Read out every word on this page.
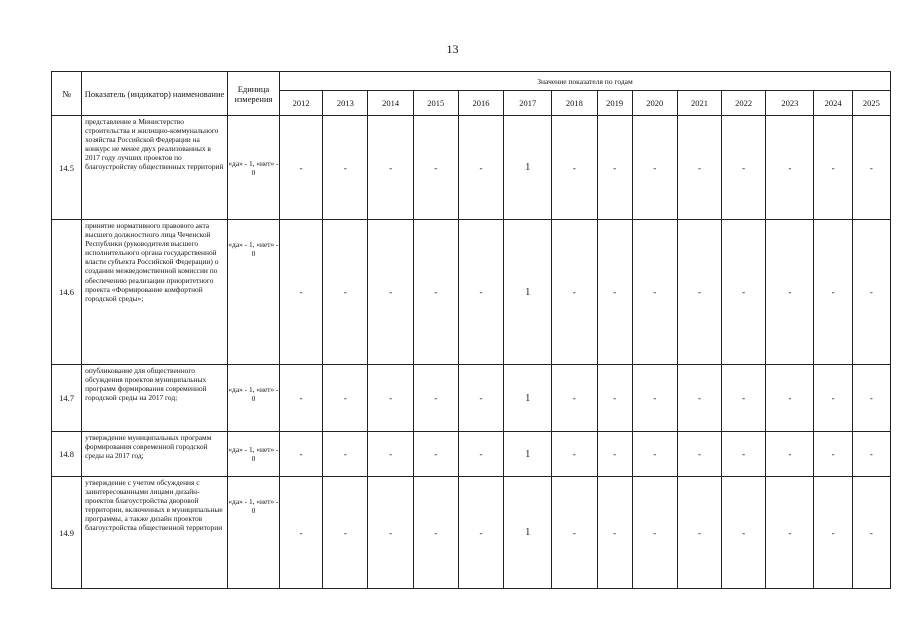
13
№	Показатель (индикатор) наименование	Единица измерения	Значение показателя по годам													
			2012	2013	2014	2015	2016	2017	2018	2019	2020	2021	2022	2023	2024	2025
14.5	представление в Министерство строительства и жилищно-коммунального хозяйства Российской Федерации на конкурс не менее двух реализованных в 2017 году лучших проектов по благоустройству общественных территорий	«да» - 1, «нет» - 0	-	-	-	-	-	1	-	-	-	-	-	-	-	-
14.6	принятие нормативного правового акта высшего должностного лица Чеченской Республики (руководителя высшего исполнительного органа государственной власти субъекта Российской Федерации) о создании межведомственной комиссии по обеспечению реализации приоритетного проекта «Формирование комфортной городской среды»;	«да» - 1, «нет» - 0	-	-	-	-	-	1	-	-	-	-	-	-	-	-
14.7	опубликование для общественного обсуждения проектов муниципальных программ формирования современной городской среды на 2017 год;	«да» - 1, «нет» - 0	-	-	-	-	-	1	-	-	-	-	-	-	-	-
14.8	утверждение муниципальных программ формирования современной городской среды на 2017 год;	«да» - 1, «нет» - 0	-	-	-	-	-	1	-	-	-	-	-	-	-	-
14.9	утверждение с учетом обсуждения с заинтересованными лицами дизайн-проектов благоустройства дворовой территории, включенных в муниципальные программы, а также дизайн проектов благоустройства общественной территории	«да» - 1, «нет» - 0	-	-	-	-	-	1	-	-	-	-	-	-	-	-
